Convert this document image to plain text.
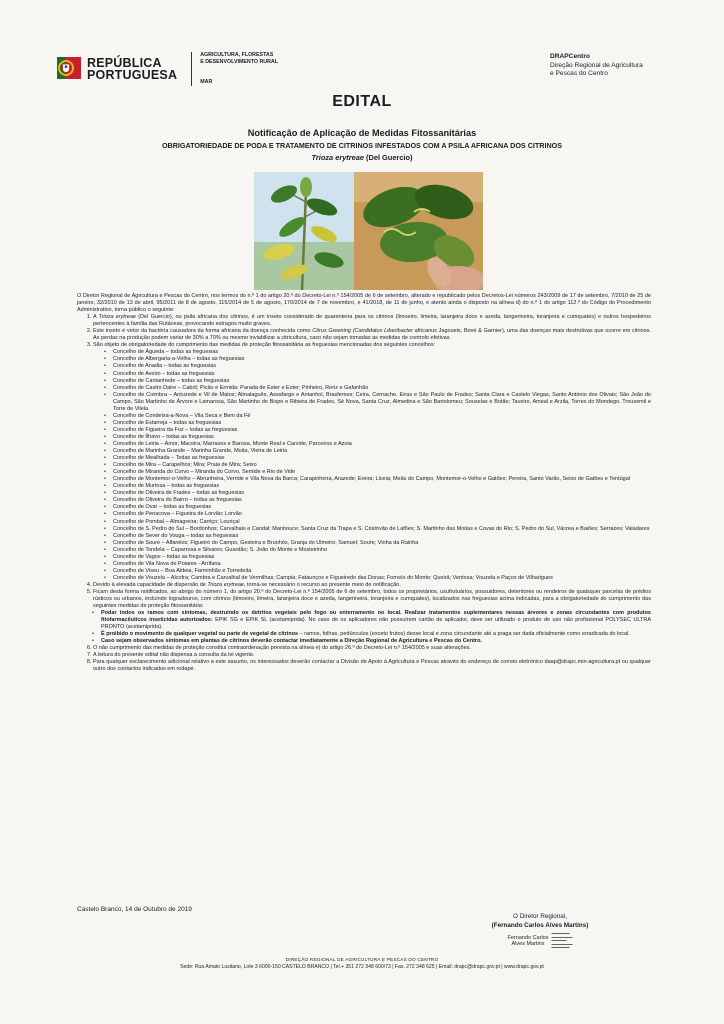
REPÚBLICA
PORTUGUESA
AGRICULTURA, FLORESTAS
E DESENVOLVIMENTO RURAL
MAR
DRAPCentro
Direção Regional de Agricultura
e Pescas do Centro
EDITAL
Notificação de Aplicação de Medidas Fitossanitárias
OBRIGATORIEDADE DE PODA E TRATAMENTO DE CITRINOS INFESTADOS COM A PSILA AFRICANA DOS CITRINOS
Trioza erytreae (Del Guercio)

O Diretor Regional de Agricultura e Pescas do Centro, nos termos do n.º 1 do artigo 20.º do Decreto-Lei n.º 154/2005 de 6 de setembro, alterado e republicado pelos Decretos-Lei números 243/2009 de 17 de setembro, 7/2010 de 25 de janeiro, 32/2010 de 13 de abril, 95/2011 de 8 de agosto, 115/2014 de 5 de agosto, 170/2014 de 7 de novembro, e 41/2018, de 11 de junho, e atento ainda o disposto na alínea d) do n.º 1 do artigo 112.º do Código do Procedimento Administrativo, torna público o seguinte:

1. A Trioza erytreae (Del Guercio), ou psila africana dos citrinos, é um inseto considerado de quarentena para os citrinos (limoeiro, limeira, laranjeira doce e azeda, tangerineira, toranjeira e cumquates) e outros hospedeiros pertencentes à família das Rutáceas, provocando estragos muito graves.
2. Este inseto é vetor da bactéria causadora da forma africana da doença conhecida como Citrus Greening (Candidatus Liberibacter africanus Jagoueix, Bové & Garnier), uma das doenças mais destrutivas que ocorre em citrinos. As perdas na produção podem variar de 30% a 70% ou mesmo inviabilizar a citricultura, caso não sejam tomadas as medidas de controlo efetivas.
3. São objeto de obrigatoriedade do cumprimento das medidas de proteção fitossanitária as freguesias mencionadas dos seguintes concelhos:
• Concelho de Águeda – todas as freguesias
• Concelho de Albergaria-a-Velha – todas as freguesias
• Concelho de Anadia – todas as freguesias
• Concelho de Aveiro – todas as freguesias
• Concelho de Cantanhede – todas as freguesias
• Concelho de Castro Daire – Cabril; Picão e Ermida; Parada de Ester e Ester; Pinheiro, Reriz e Gafanhão
• Concelho de Coimbra – Antuzede e Vil de Matos; Almalaguês, Assafarge e Antanhol, Brasfemes; Ceira, Cernache, Eiras e São Paulo de Frades; Santa Clara e Castelo Viegas, Santo António dos Olivais; São João do Campo, São Martinho de Árvore e Lamarosa, São Martinho do Bispo e Ribeira de Frades, Sé Nova, Santa Cruz, Almedina e São Bartolomeu; Souselas e Botão; Taveiro, Ameal e Arzila, Torres do Mondego, Trouxemil e Torre de Vilela
• Concelho de Condeixa-a-Nova – Vila Seca e Bem da Fé
• Concelho de Estarreja – todas as freguesias
• Concelho de Figueira da Foz – todas as freguesias
• Concelho de Ílhavo – todas as freguesias
• Concelho de Leiria – Amor, Maceira, Marrazes e Barosa, Monte Real e Carvide, Parceiros e Azoia
• Concelho de Marinha Grande – Marinha Grande, Moita, Vieira de Leiria
• Concelho de Mealhada – Todas as freguesias
• Concelho de Mira – Carapelhos; Mira; Praia de Mira; Seixo
• Concelho de Miranda do Corvo – Miranda do Corvo, Semide e Rio de Vide
• Concelho de Montemor-o-Velho – Abrunheira, Verride e Vila Nova da Barca; Carapinheira, Arazede; Ereira; Liceia; Meãs do Campo, Montemor-o-Velho e Gatões; Pereira, Santo Varão, Seixo de Gatões e Tentúgal
• Concelho de Murtosa – todas as freguesias
• Concelho de Oliveira de Frades – todas as freguesias
• Concelho de Oliveira do Bairro – todas as freguesias
• Concelho de Ovar – todas as freguesias
• Concelho de Penacova – Figueira de Lorvão; Lorvão
• Concelho de Pombal – Almagreira; Carriço; Louriçal
• Concelho de S. Pedro do Sul – Bordonhos; Carvalhais e Candal; Manhouce; Santa Cruz da Trapa e S. Cristóvão de Lafões; S. Martinho das Moitas e Covas do Rio; S. Pedro do Sul, Várzea e Baiões; Serrazes; Valadares
• Concelho de Sever do Vouga – todas as freguesias
• Concelho de Soure – Alfarelos; Figueiró do Campo, Gesteira e Brunhós, Granja do Ulmeiro; Samuel; Soure; Vinha da Rainha
• Concelho de Tondela – Caparrosa e Silvares; Guardão; S. João do Monte e Mosteirinho
• Concelho de Vagos – todas as freguesias
• Concelho de Vila Nova de Poiares - Arrifana
• Concelho de Viseu – Boa Aldeia, Farminhão e Torredeita
• Concelho de Vouzela – Alcofra; Cambra e Carvalhal de Vermilhas; Campia; Fataunços e Figueiredo das Donas; Fornelo do Monte; Queirã; Ventosa; Vouzela e Paços de Vilharigues
4. Devido à elevada capacidade de dispersão de Trioza erytreae, torna-se necessário o recurso ao presente meio de notificação.
5. Ficam desta forma notificados, ao abrigo do número 1, do artigo 20.º do Decreto-Lei n.º 154/2005 de 6 de setembro, todos os proprietários, usufrutuários, possuidores, detentores ou rendeiros de quaisquer parcelas de prédios rústicos ou urbanos, incluindo logradouros, com citrinos (limoeiro, limeira, laranjeira doce e azeda, tangerineira, toranjeira e cumquates), localizados nas freguesias acima indicadas, para a obrigatoriedade do cumprimento das seguintes medidas de proteção fitossanitária:
• Podar todos os ramos com sintomas, destruindo os detritos vegetais pelo fogo ou enterramento no local. Realizar tratamentos suplementares nessas árvores e zonas circundantes com produtos fitofarmacêuticos inseticidas autorizados: EPIK SG e EPIK SL (acetamiprida). No caso de os aplicadores não possuírem cartão de aplicador, deve ser utilizado o produto de uso não profissional POLYSEC ULTRA PRONTO (acetamiprida).
• É proibido o movimento de qualquer vegetal ou parte de vegetal de citrinos – ramos, folhas, pedúnculos (exceto frutos) desse local e zona circundante até a praga ser dada oficialmente como erradicada do local.
• Caso sejam observados sintomas em plantas de citrinos deverão contactar imediatamente a Direção Regional de Agricultura e Pescas do Centro.
6. O não cumprimento das medidas de proteção constitui contraordenação prevista na alínea e) do artigo 26.º do Decreto-Lei n.º 154/2005 e suas alterações.
7. A leitura do presente edital não dispensa a consulta da lei vigente.
8. Para qualquer esclarecimento adicional relativo a este assunto, os interessados deverão contactar a Divisão de Apoio à Agricultura e Pescas através do endereço de correio eletrónico daap@drapc.min-agricultura.pt ou qualquer outro dos contactos indicados em rodapé.
Castelo Branco, 14 de Outubro de 2019
O Diretor Regional,
(Fernando Carlos Alves Martins)
Fernando Carlos
Alves Martins
▬▬▬▬▬▬
▬▬▬▬▬▬▬
▬▬▬▬▬
▬▬▬▬▬▬▬
▬▬▬▬▬▬
DIREÇÃO REGIONAL DE AGRICULTURA E PESCAS DO CENTRO
Sede: Rua Amato Lusitano, Lote 3 6000-150 CASTELO BRANCO | Tel.+ 351 272 348 600/73 | Fax. 272 348 625 | Email: drapc@drapc.gov.pt | www.drapc.gov.pt
